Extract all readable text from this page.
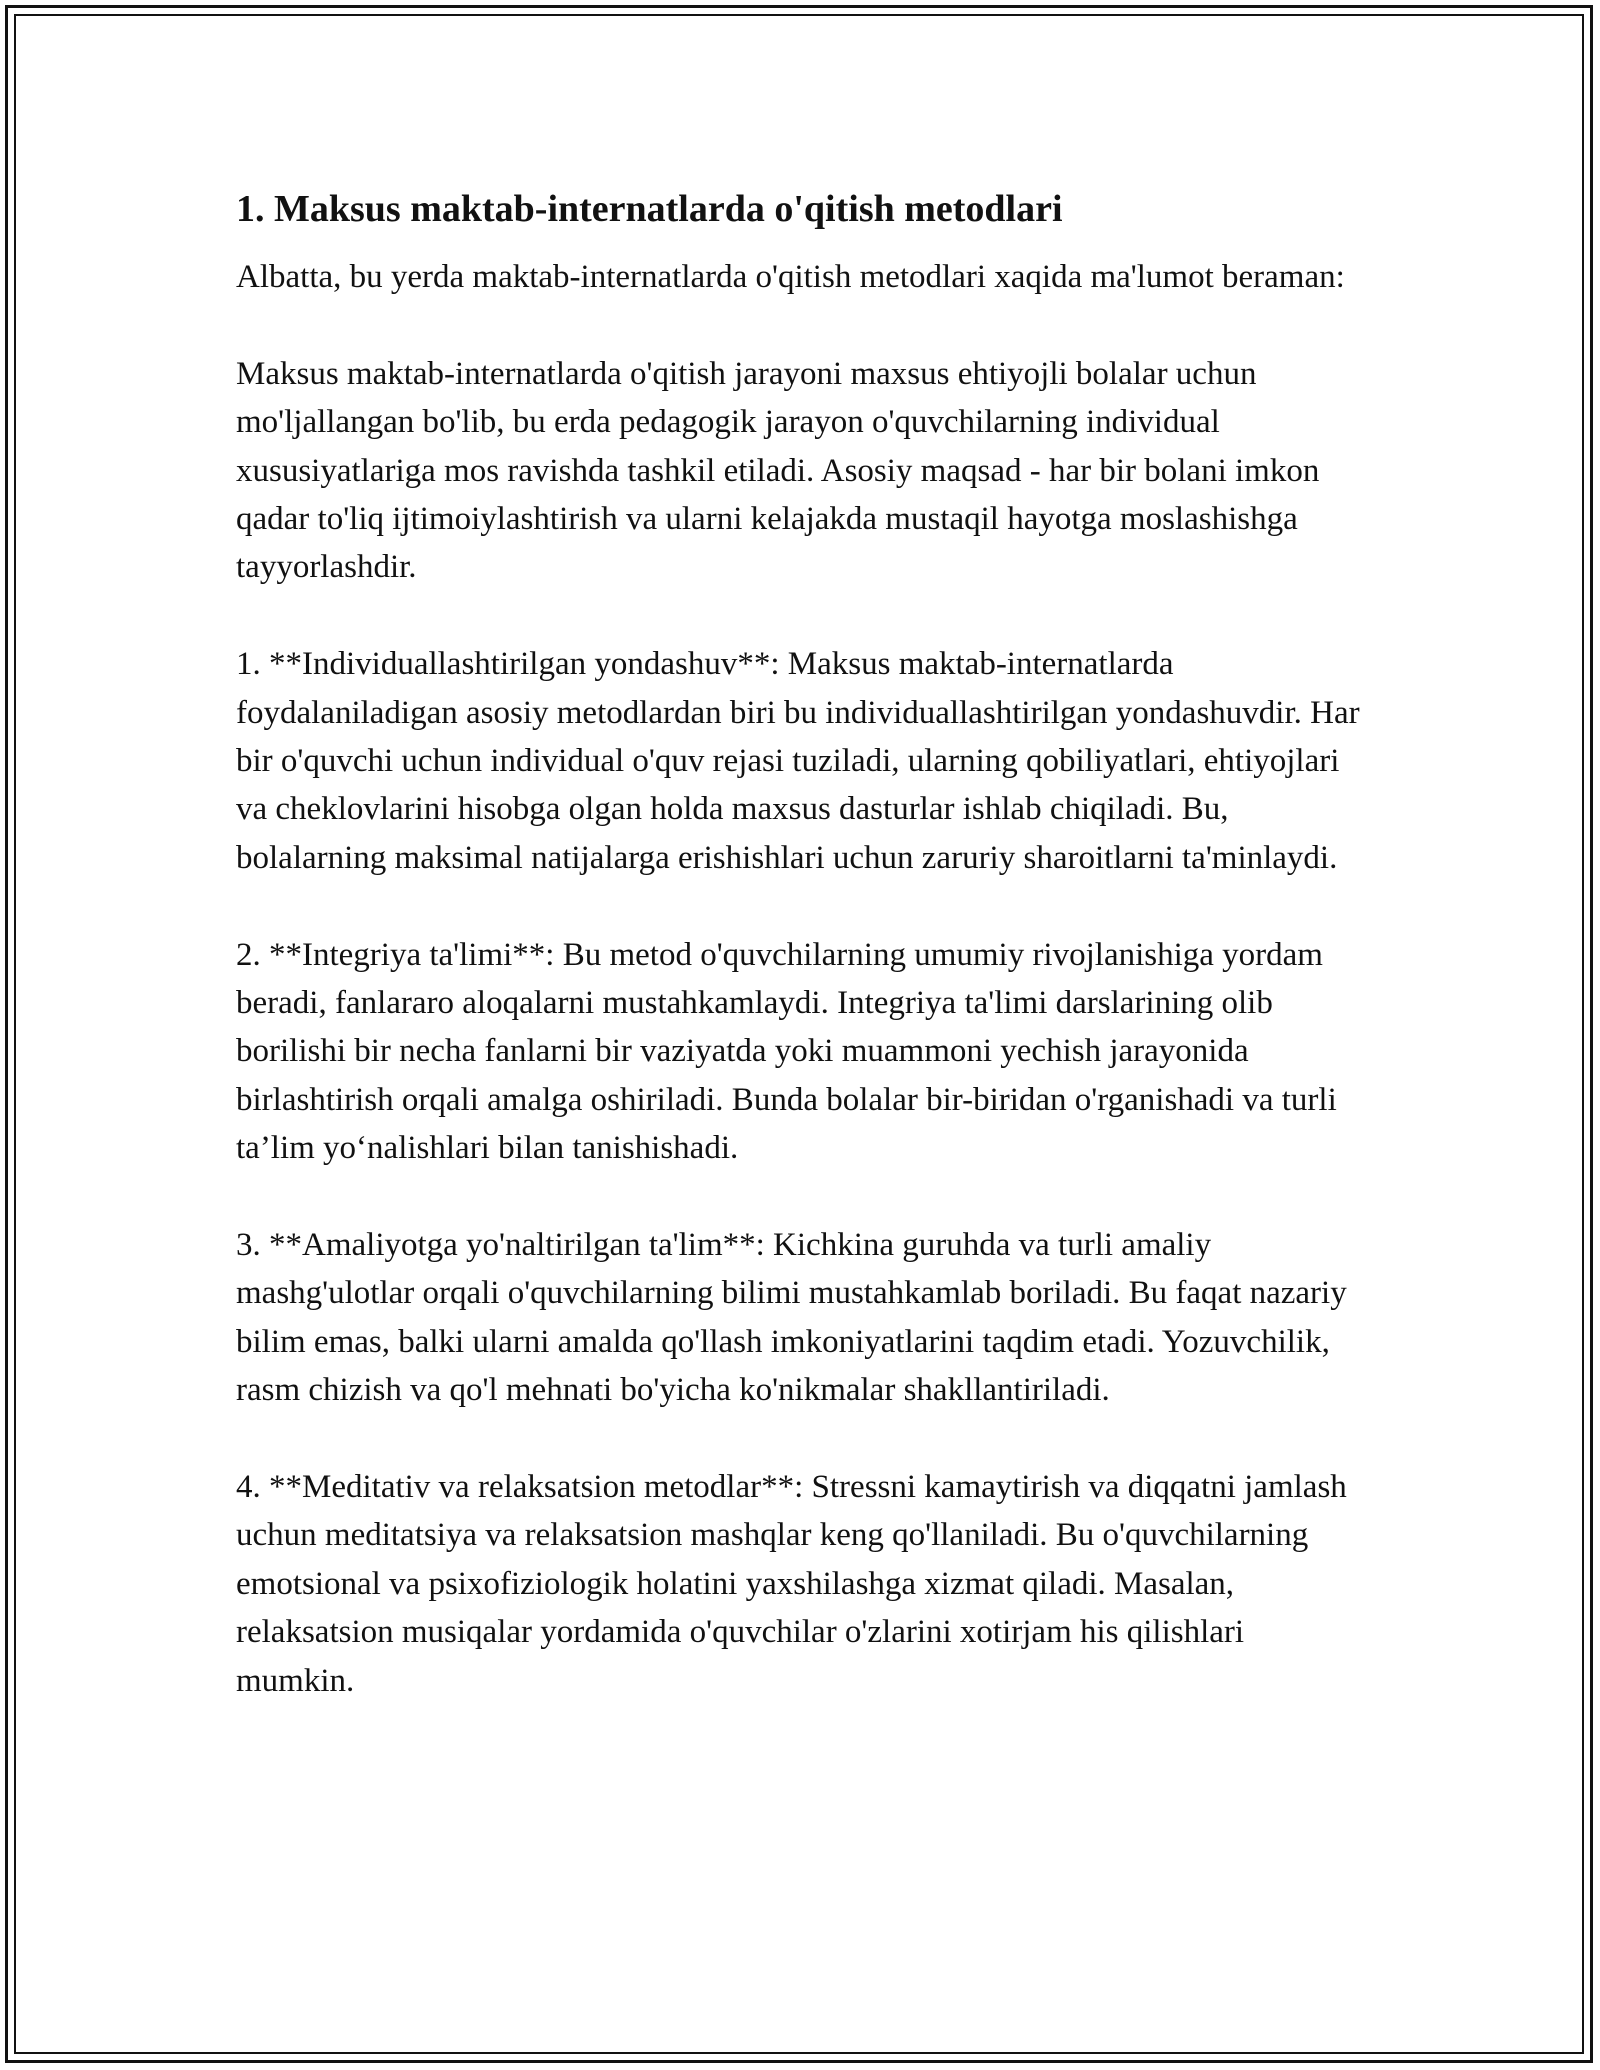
1. Maksus maktab-internatlarda o'qitish metodlari

Albatta, bu yerda maktab-internatlarda o'qitish metodlari xaqida ma'lumot beraman:

Maksus maktab-internatlarda o'qitish jarayoni maxsus ehtiyojli bolalar uchun mo'ljallangan bo'lib, bu erda pedagogik jarayon o'quvchilarning individual xususiyatlariga mos ravishda tashkil etiladi. Asosiy maqsad - har bir bolani imkon qadar to'liq ijtimoiylashtirish va ularni kelajakda mustaqil hayotga moslashishga tayyorlashdir.

1. **Individuallashtirilgan yondashuv**: Maksus maktab-internatlarda foydalaniladigan asosiy metodlardan biri bu individuallashtirilgan yondashuvdir. Har bir o'quvchi uchun individual o'quv rejasi tuziladi, ularning qobiliyatlari, ehtiyojlari va cheklovlarini hisobga olgan holda maxsus dasturlar ishlab chiqiladi. Bu, bolalarning maksimal natijalarga erishishlari uchun zaruriy sharoitlarni ta'minlaydi.

2. **Integriya ta'limi**: Bu metod o'quvchilarning umumiy rivojlanishiga yordam beradi, fanlararo aloqalarni mustahkamlaydi. Integriya ta'limi darslarining olib borilishi bir necha fanlarni bir vaziyatda yoki muammoni yechish jarayonida birlashtirish orqali amalga oshiriladi. Bunda bolalar bir-biridan o'rganishadi va turli ta’lim yo‘nalishlari bilan tanishishadi.

3. **Amaliyotga yo'naltirilgan ta'lim**: Kichkina guruhda va turli amaliy mashg'ulotlar orqali o'quvchilarning bilimi mustahkamlab boriladi. Bu faqat nazariy bilim emas, balki ularni amalda qo'llash imkoniyatlarini taqdim etadi. Yozuvchilik, rasm chizish va qo'l mehnati bo'yicha ko'nikmalar shakllantiriladi.

4. **Meditativ va relaksatsion metodlar**: Stressni kamaytirish va diqqatni jamlash uchun meditatsiya va relaksatsion mashqlar keng qo'llaniladi. Bu o'quvchilarning emotsional va psixofiziologik holatini yaxshilashga xizmat qiladi. Masalan, relaksatsion musiqalar yordamida o'quvchilar o'zlarini xotirjam his qilishlari mumkin.
